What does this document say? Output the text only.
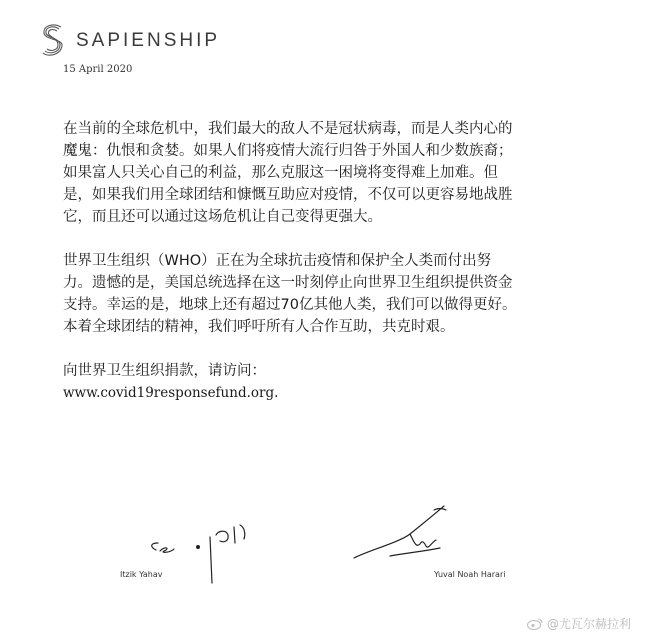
SAPIENSHIP
15 April 2020
在当前的全球危机中，我们最大的敌人不是冠状病毒，而是人类内心的
魔鬼：仇恨和贪婪。如果人们将疫情大流行归咎于外国人和少数族裔；
如果富人只关心自己的利益，那么克服这一困境将变得难上加难。但
是，如果我们用全球团结和慷慨互助应对疫情，不仅可以更容易地战胜
它，而且还可以通过这场危机让自己变得更强大。
世界卫生组织（WHO）正在为全球抗击疫情和保护全人类而付出努
力。遗憾的是，美国总统选择在这一时刻停止向世界卫生组织提供资金
支持。幸运的是，地球上还有超过70亿其他人类，我们可以做得更好。
本着全球团结的精神，我们呼吁所有人合作互助，共克时艰。
向世界卫生组织捐款，请访问：
www.covid19responsefund.org.
Itzik Yahav	Yuval Noah Harari
@尤瓦尔赫拉利
